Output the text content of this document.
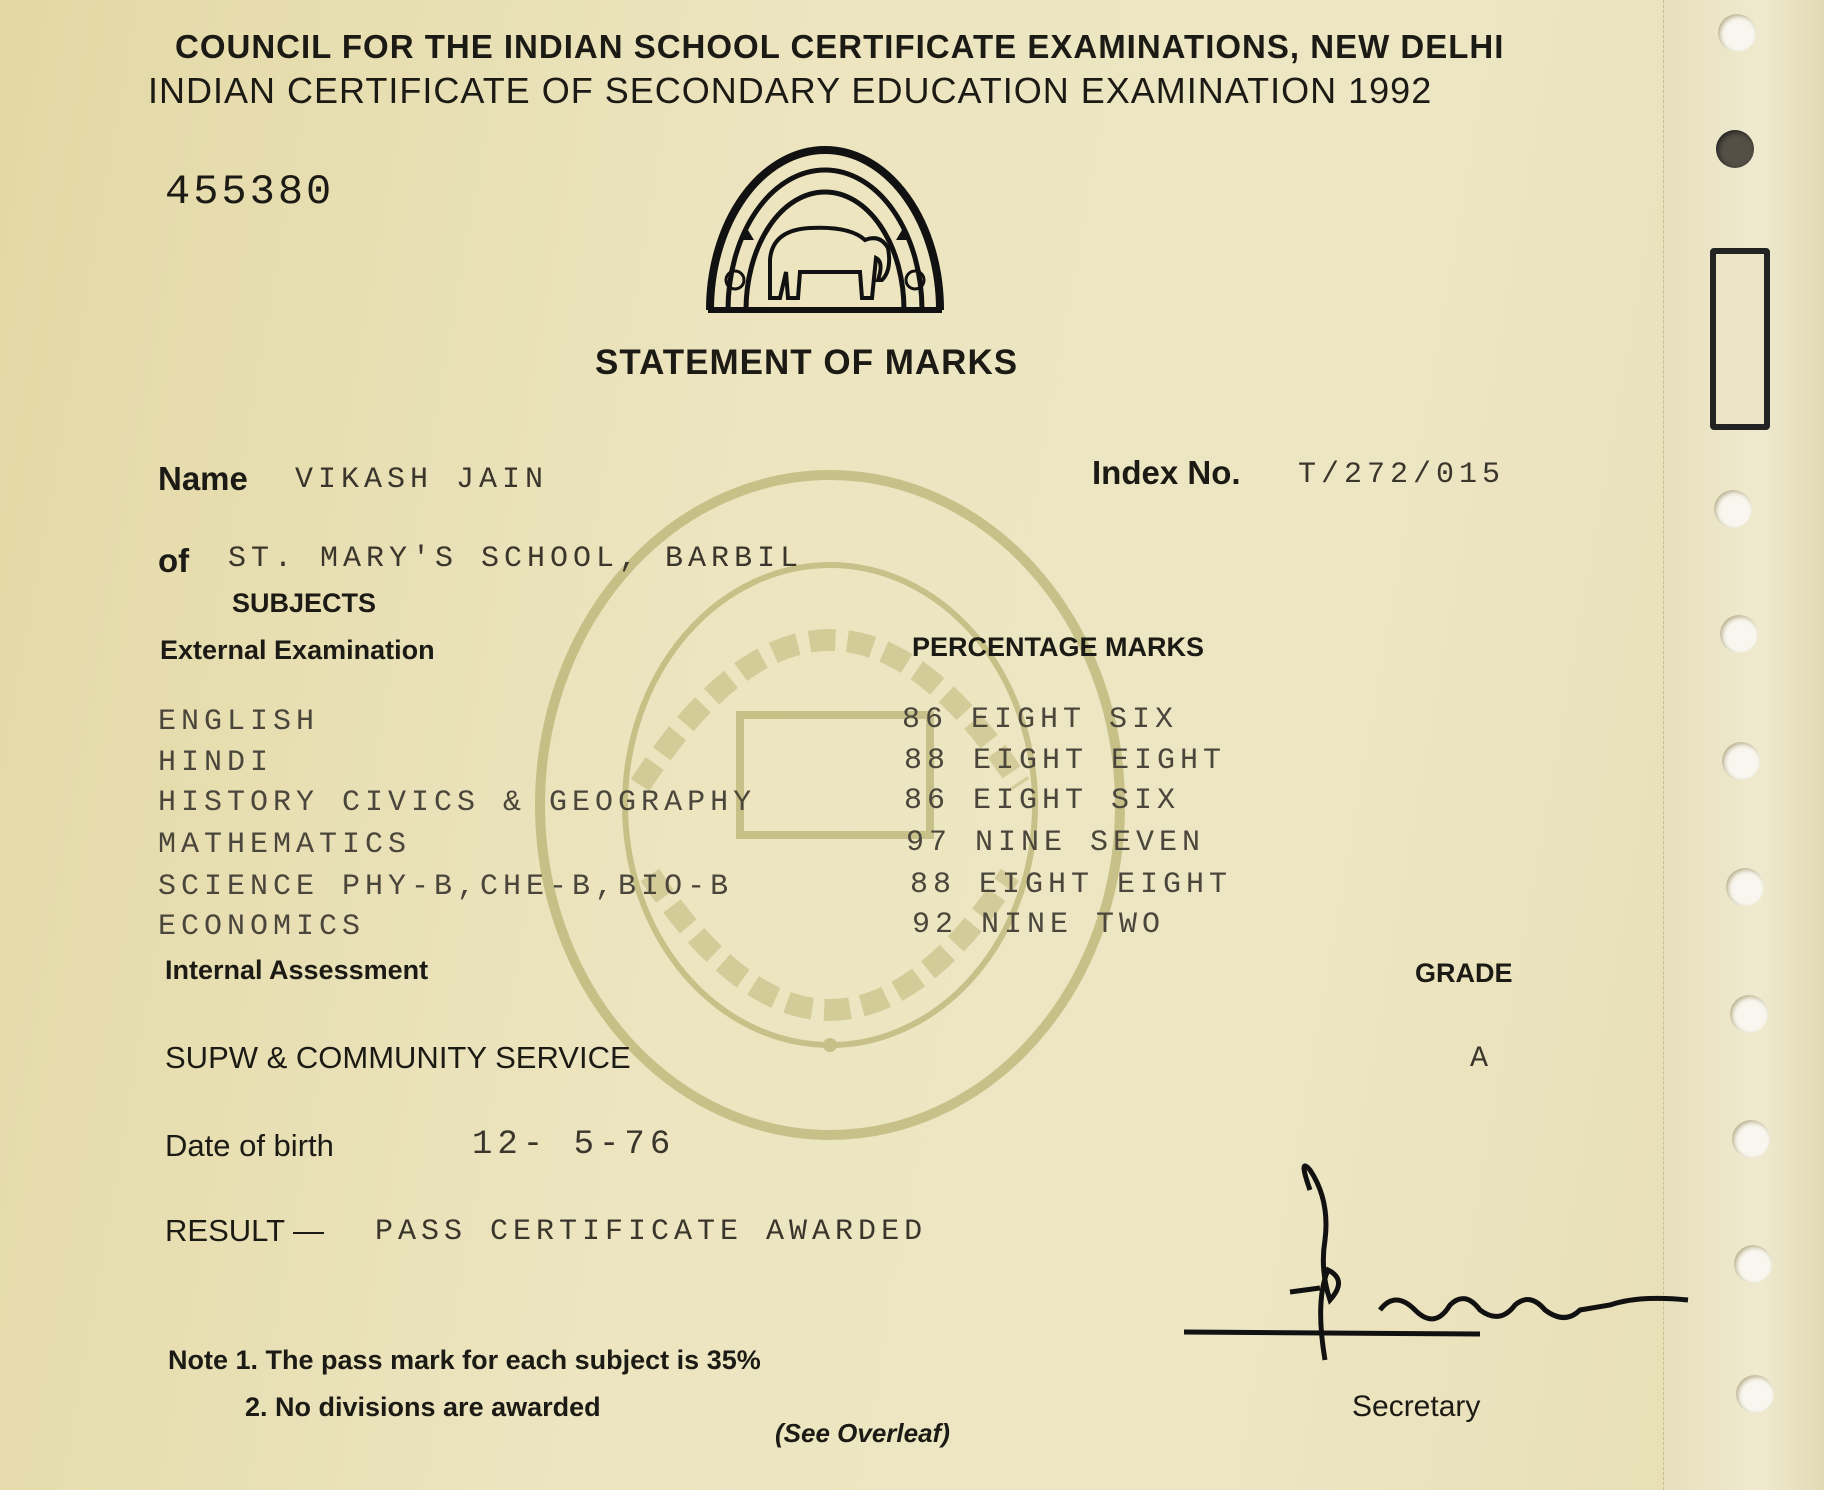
COUNCIL FOR THE INDIAN SCHOOL CERTIFICATE EXAMINATIONS, NEW DELHI
INDIAN CERTIFICATE OF SECONDARY EDUCATION EXAMINATION 1992
455380
STATEMENT OF MARKS
Name VIKASH JAIN	Index No. T/272/015
of ST. MARY'S SCHOOL, BARBIL
SUBJECTS
External Examination	PERCENTAGE MARKS
ENGLISH	86 EIGHT SIX
HINDI	88 EIGHT EIGHT
HISTORY CIVICS & GEOGRAPHY	86 EIGHT SIX
MATHEMATICS	97 NINE SEVEN
SCIENCE PHY-B,CHE-B,BIO-B	88 EIGHT EIGHT
ECONOMICS	92 NINE TWO
Internal Assessment	GRADE
SUPW & COMMUNITY SERVICE	A
Date of birth	12- 5-76
RESULT — PASS CERTIFICATE AWARDED
Note 1. The pass mark for each subject is 35%
2. No divisions are awarded
(See Overleaf)
Secretary
